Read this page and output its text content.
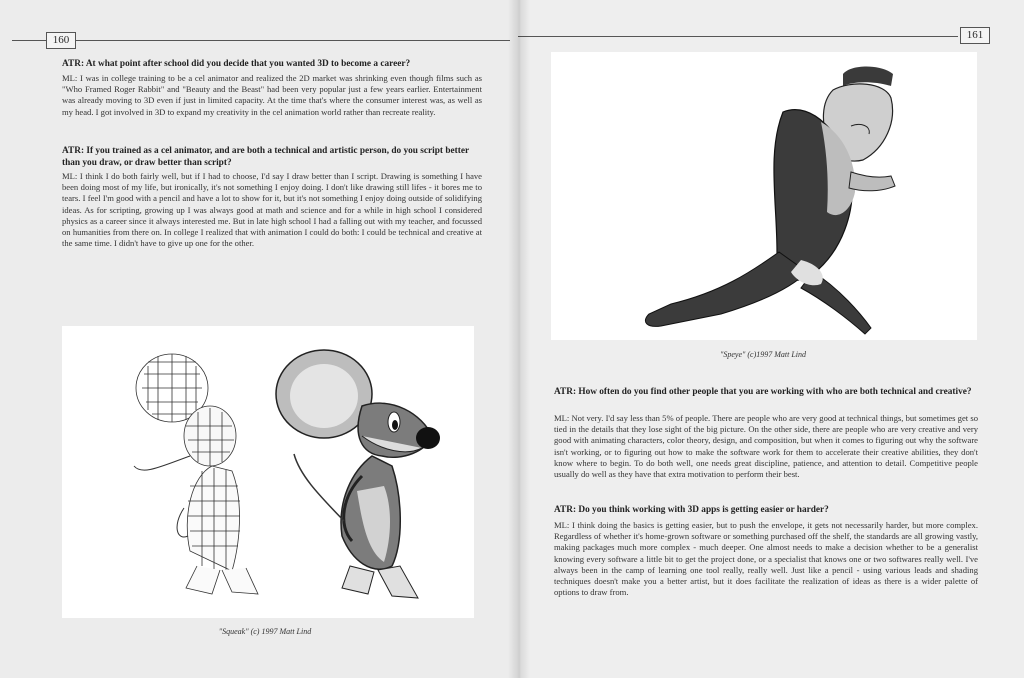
160
ATR: At what point after school did you decide that you wanted 3D to become a career?
ML: I was in college training to be a cel animator and realized the 2D market was shrinking even though films such as "Who Framed Roger Rabbit" and "Beauty and the Beast" had been very popular just a few years earlier. Entertainment was already moving to 3D even if just in limited capacity. At the time that's where the consumer interest was, as well as my head. I got involved in 3D to expand my creativity in the cel animation world rather than recreate reality.
ATR: If you trained as a cel animator, and are both a technical and artistic person, do you script better than you draw, or draw better than script?
ML: I think I do both fairly well, but if I had to choose, I'd say I draw better than I script. Drawing is something I have been doing most of my life, but ironically, it's not something I enjoy doing. I don't like drawing still lifes - it bores me to tears. I feel I'm good with a pencil and have a lot to show for it, but it's not something I enjoy doing outside of solidifying ideas. As for scripting, growing up I was always good at math and science and for a while in high school I considered physics as a career since it always interested me. But in late high school I had a falling out with my teacher, and focussed on humanities from there on. In college I realized that with animation I could do both: I could be technical and creative at the same time. I didn't have to give up one for the other.
"Squeak" (c) 1997 Matt Lind
161
"Speye" (c)1997 Matt Lind
ATR: How often do you find other people that you are working with who are both technical and creative?
ML: Not very. I'd say less than 5% of people. There are people who are very good at technical things, but sometimes get so tied in the details that they lose sight of the big picture. On the other side, there are people who are very creative and very good with animating characters, color theory, design, and composition, but when it comes to figuring out why the software isn't working, or to figuring out how to make the software work for them to accelerate their creative abilities, they don't know where to begin. To do both well, one needs great discipline, patience, and attention to detail. Competitive people usually do well as they have that extra motivation to perform their best.
ATR: Do you think working with 3D apps is getting easier or harder?
ML: I think doing the basics is getting easier, but to push the envelope, it gets not necessarily harder, but more complex. Regardless of whether it's home-grown software or something purchased off the shelf, the standards are all growing vastly, making packages much more complex - much deeper. One almost needs to make a decision whether to be a generalist knowing every software a little bit to get the project done, or a specialist that knows one or two softwares really well. I've always been in the camp of learning one tool really, really well. Just like a pencil - using various leads and shading techniques doesn't make you a better artist, but it does facilitate the realization of ideas as there is a wider palette of options to draw from.
